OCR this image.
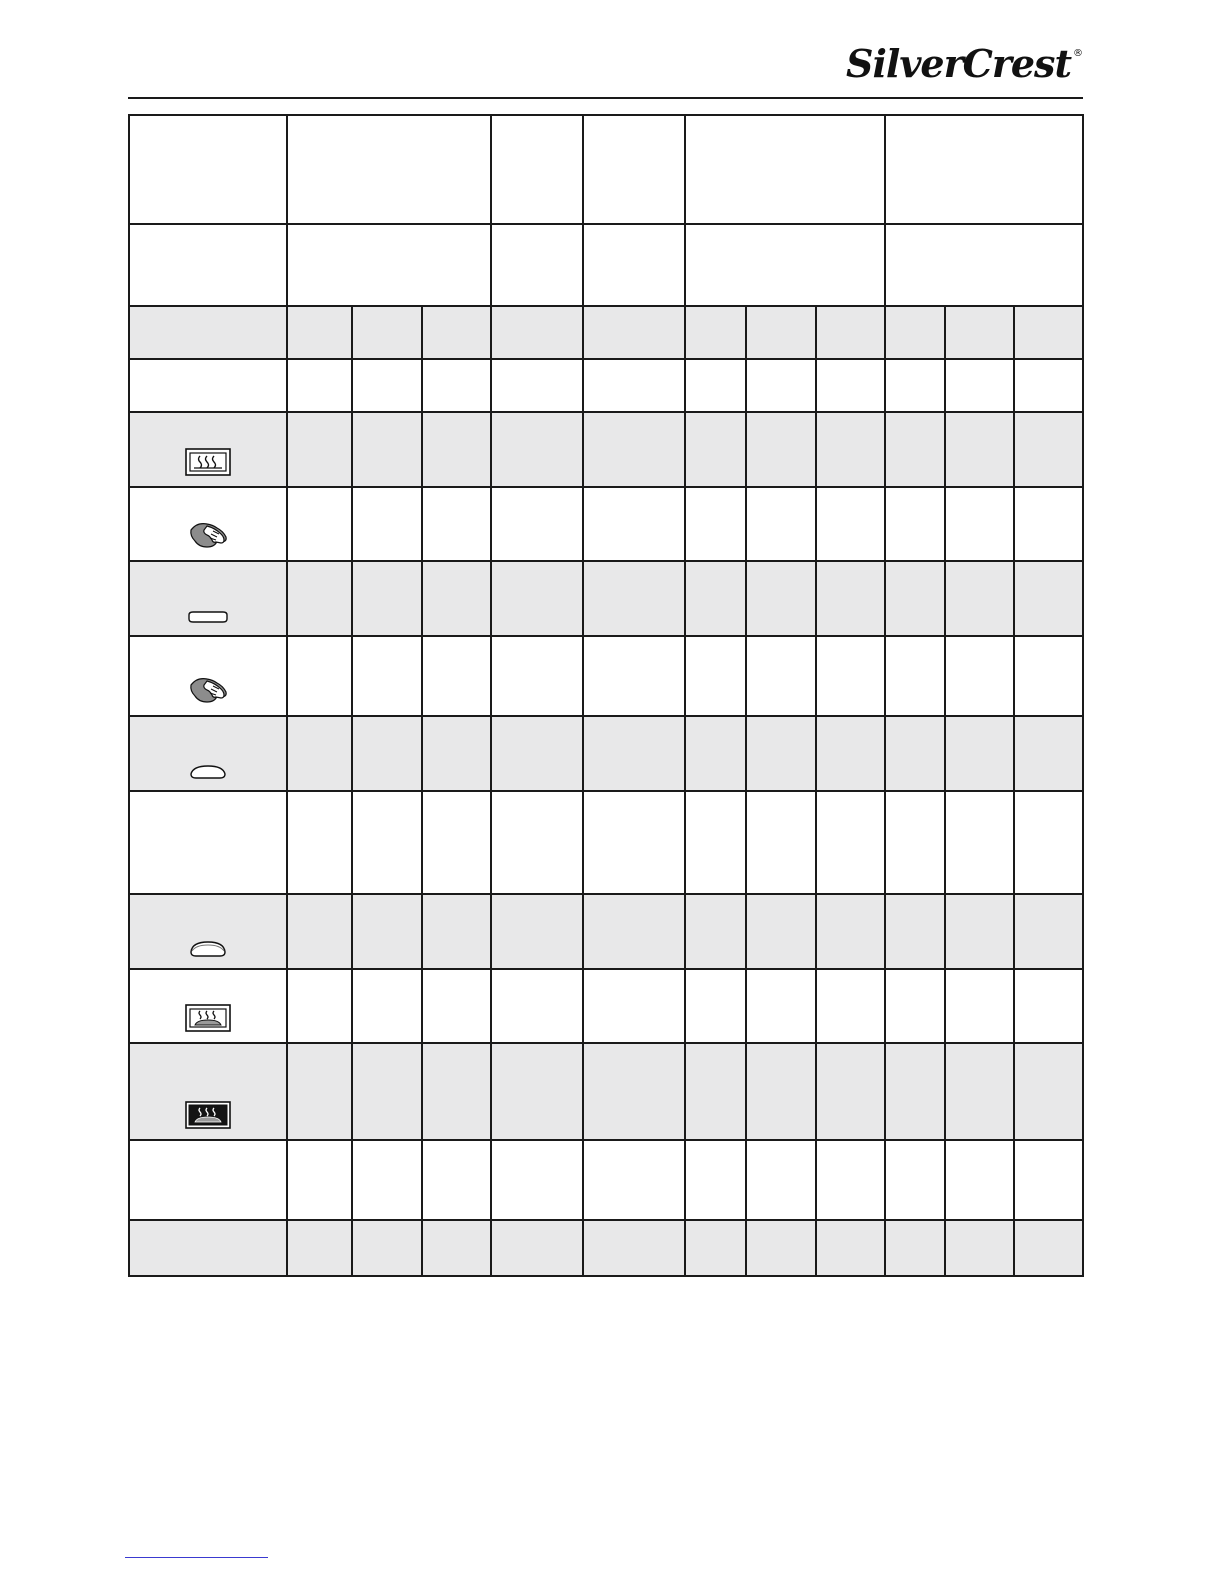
SilverCrest ®
